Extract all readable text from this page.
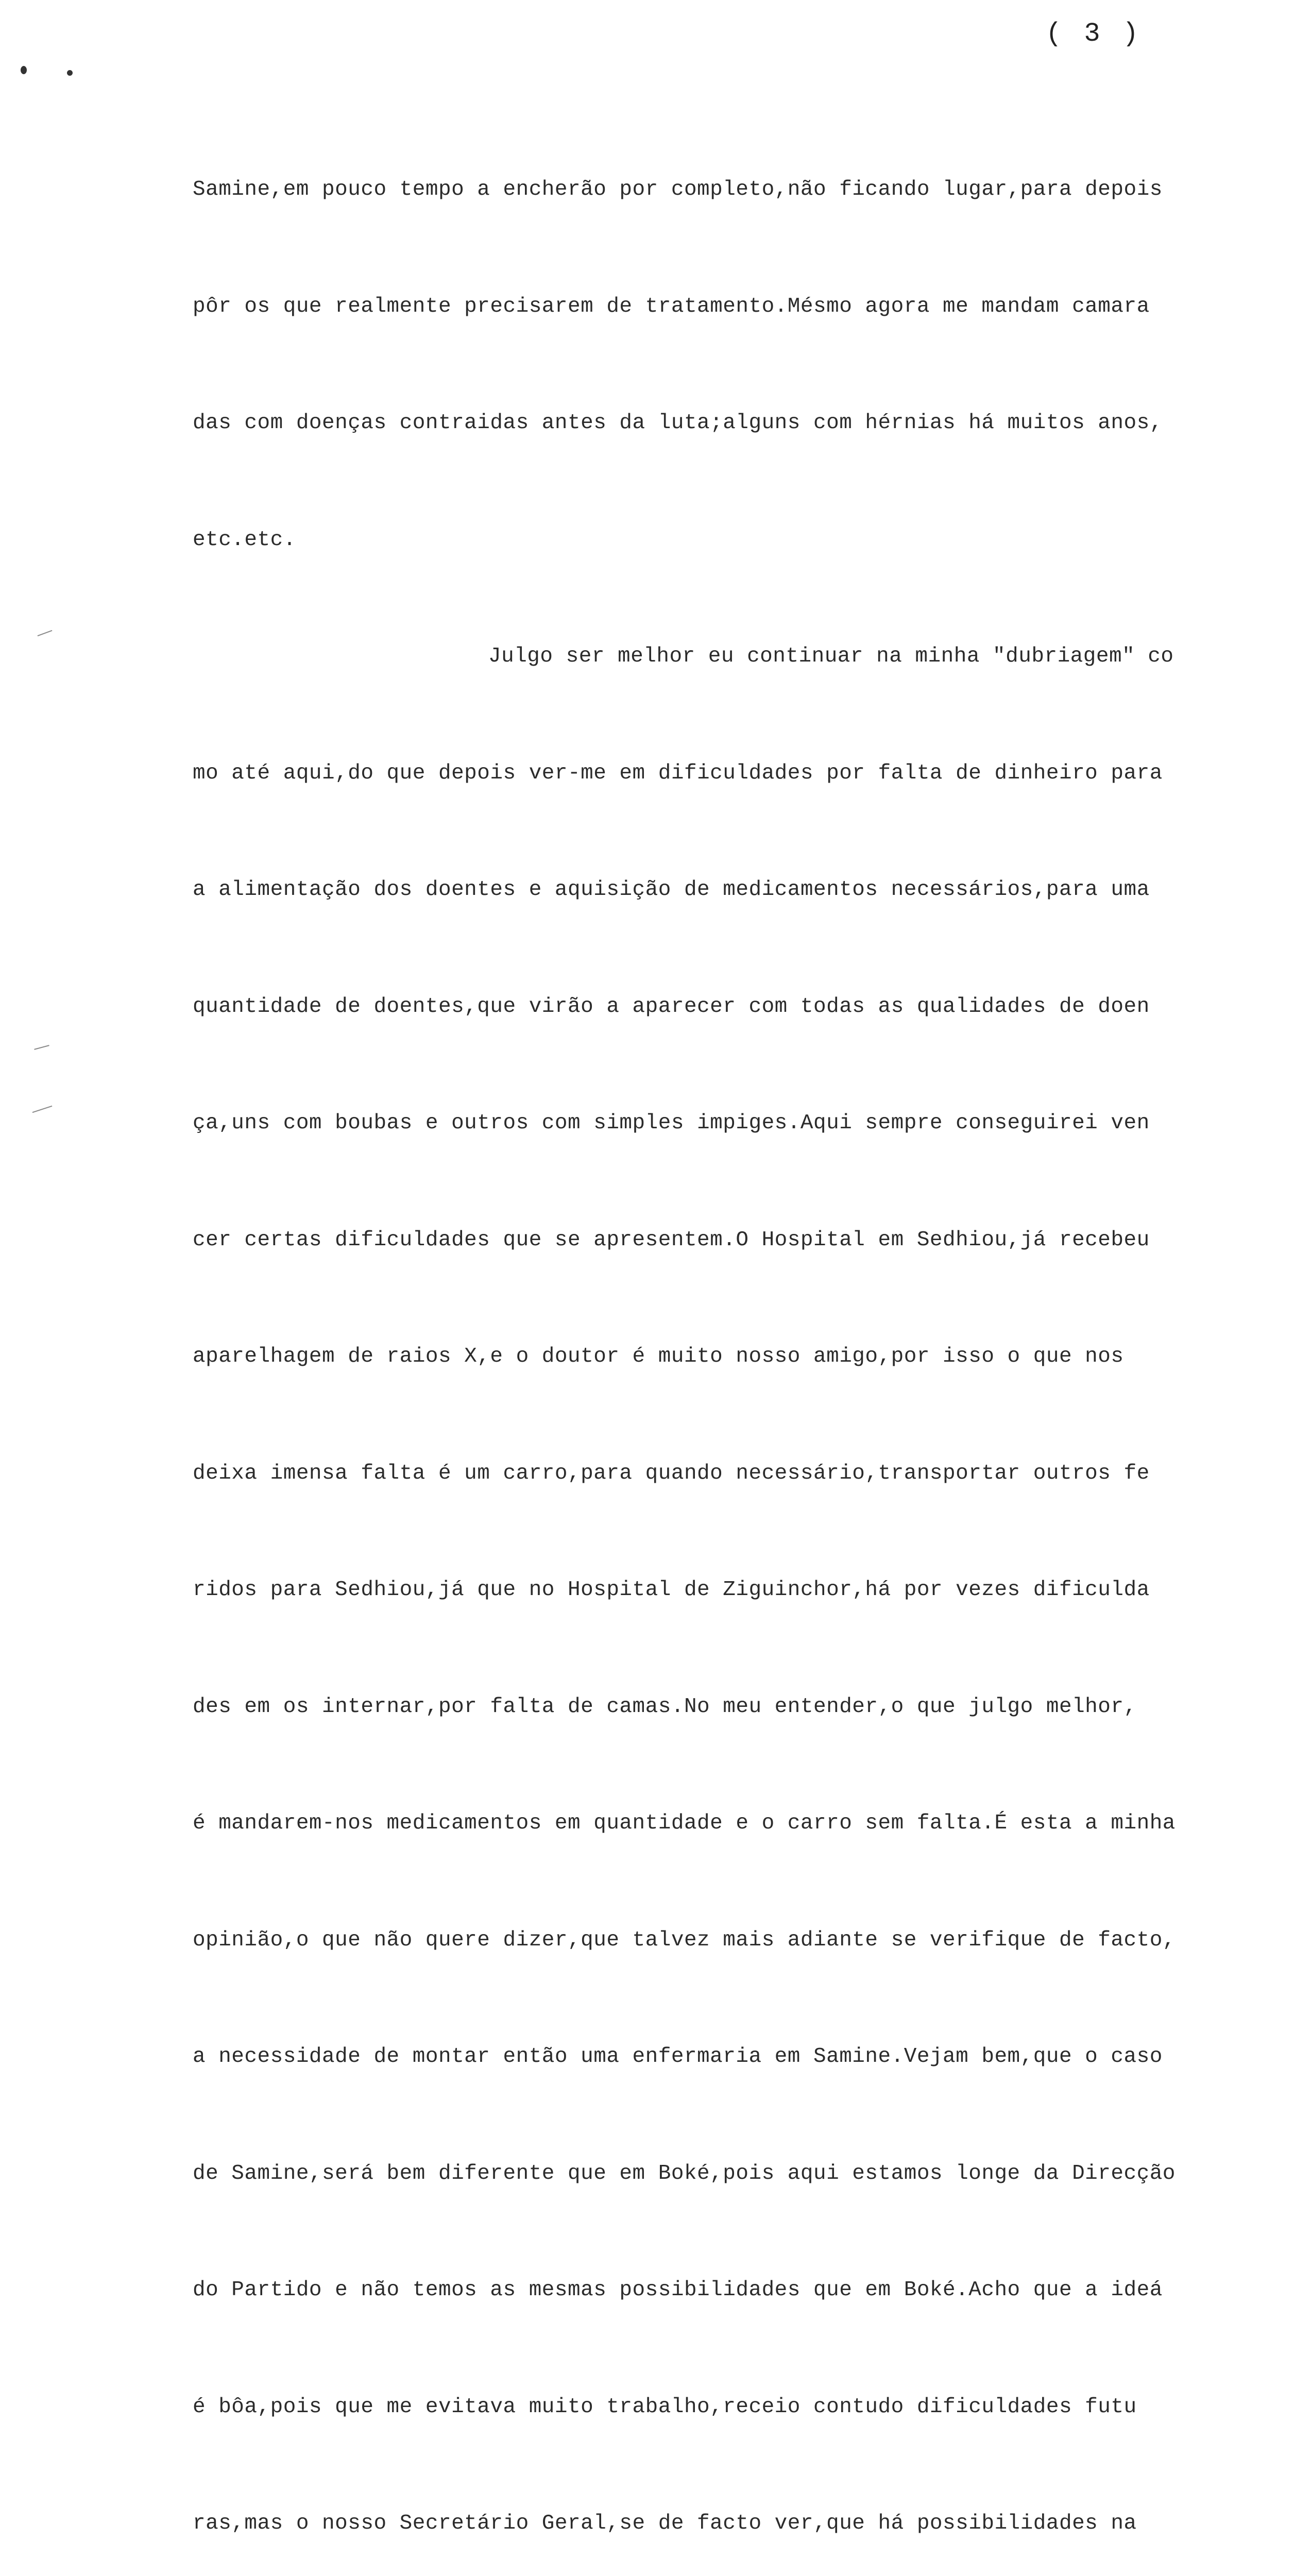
( 3 )

Samine,em pouco tempo a encherão por completo,não ficando lugar,para depois

pôr os que realmente precisarem de tratamento.Mésmo agora me mandam camara

das com doenças contraidas antes da luta;alguns com hérnias há muitos anos,

etc.etc.

Julgo ser melhor eu continuar na minha "dubriagem" co

mo até aqui,do que depois ver-me em dificuldades por falta de dinheiro para

a alimentação dos doentes e aquisição de medicamentos necessários,para uma

quantidade de doentes,que virão a aparecer com todas as qualidades de doen

ça,uns com boubas e outros com simples impiges.Aqui sempre conseguirei ven

cer certas dificuldades que se apresentem.O Hospital em Sedhiou,já recebeu

aparelhagem de raios X,e o doutor é muito nosso amigo,por isso o que nos

deixa imensa falta é um carro,para quando necessário,transportar outros fe

ridos para Sedhiou,já que no Hospital de Ziguinchor,há por vezes dificulda

des em os internar,por falta de camas.No meu entender,o que julgo melhor,

é mandarem-nos medicamentos em quantidade e o carro sem falta.É esta a minha

opinião,o que não quere dizer,que talvez mais adiante se verifique de facto,

a necessidade de montar então uma enfermaria em Samine.Vejam bem,que o caso

de Samine,será bem diferente que em Boké,pois aqui estamos longe da Direcção

do Partido e não temos as mesmas possibilidades que em Boké.Acho que a ideá

é bôa,pois que me evitava muito trabalho,receio contudo dificuldades futu

ras,mas o nosso Secretário Geral,se de facto ver,que há possibilidades na
